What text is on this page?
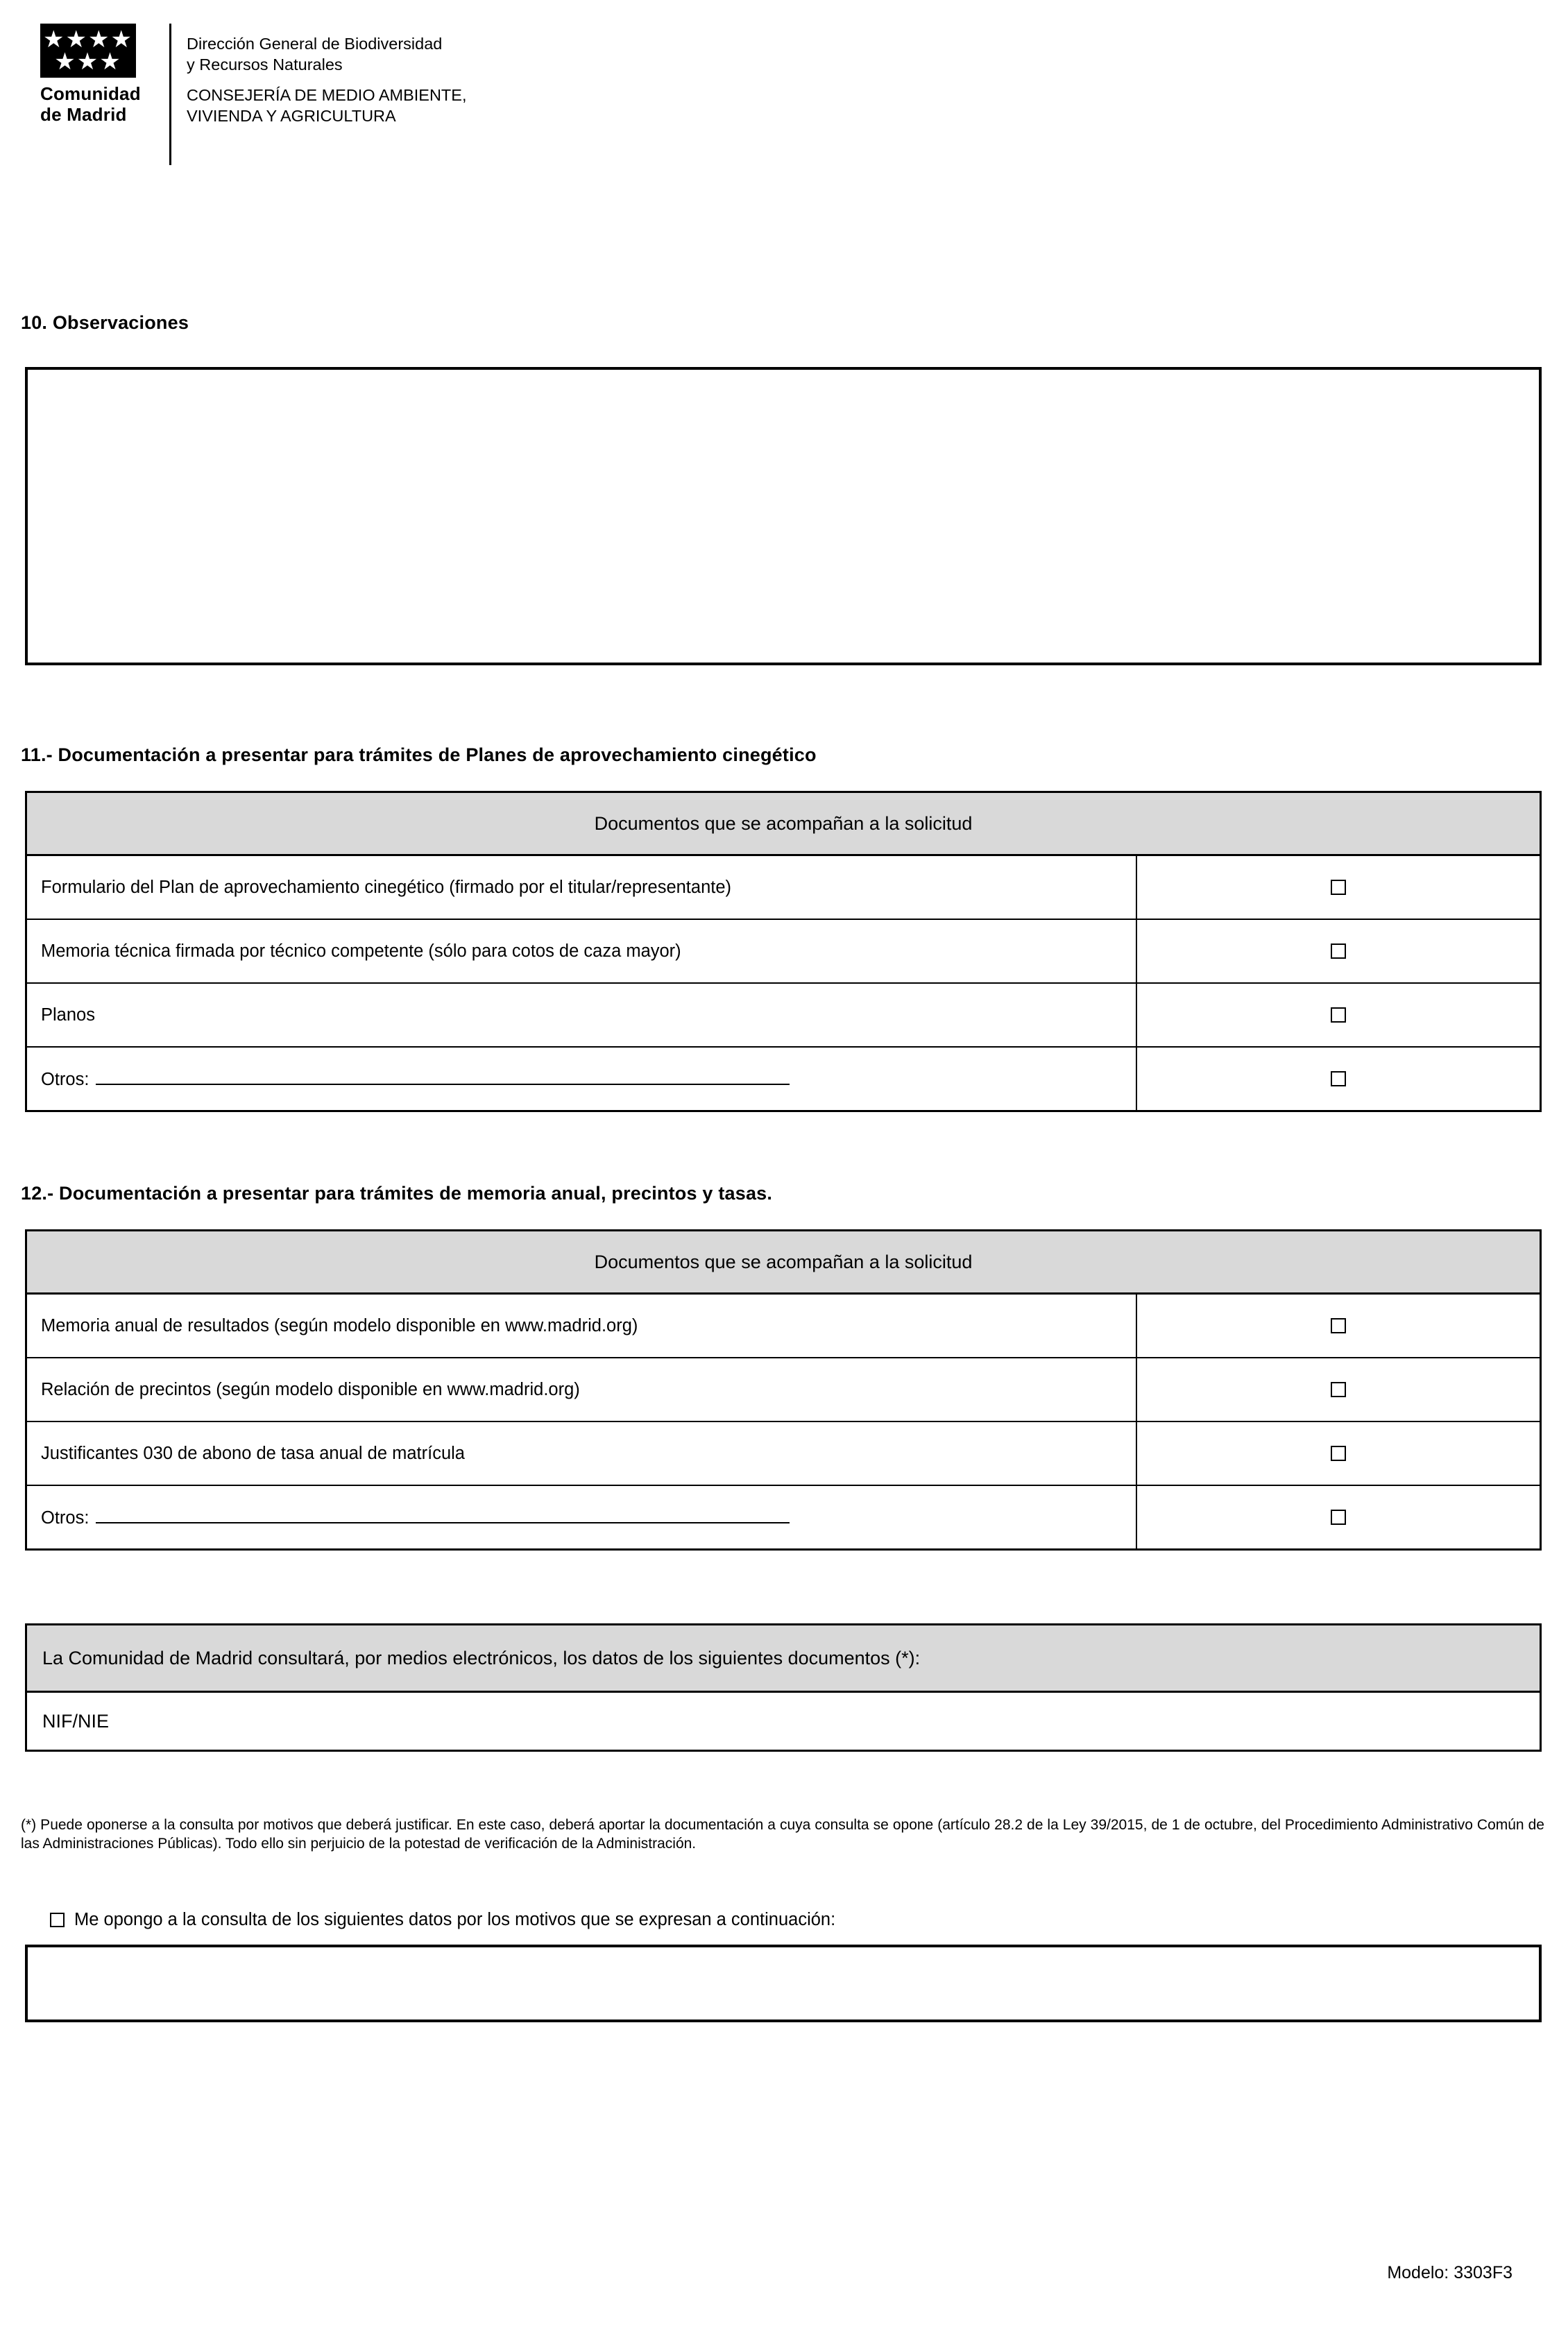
★★★★
★★★
Comunidad
de Madrid
Dirección General de Biodiversidad
y Recursos Naturales
CONSEJERÍA DE MEDIO AMBIENTE,
VIVIENDA Y AGRICULTURA
10. Observaciones
11.- Documentación a presentar para trámites de Planes de aprovechamiento cinegético
Documentos que se acompañan a la solicitud
Formulario del Plan de aprovechamiento cinegético (firmado por el titular/representante)
Memoria técnica firmada por técnico competente (sólo para cotos de caza mayor)
Planos
Otros:
12.- Documentación a presentar para trámites de memoria anual, precintos y tasas.
Documentos que se acompañan a la solicitud
Memoria anual de resultados (según modelo disponible en www.madrid.org)
Relación de precintos (según modelo disponible en www.madrid.org)
Justificantes 030 de abono de tasa anual de matrícula
Otros:
La Comunidad de Madrid consultará, por medios electrónicos, los datos de los siguientes documentos (*):
NIF/NIE
(*) Puede oponerse a la consulta por motivos que deberá justificar. En este caso, deberá aportar la documentación a cuya consulta se opone (artículo 28.2 de la Ley 39/2015, de 1 de octubre, del Procedimiento Administrativo Común de las Administraciones Públicas). Todo ello sin perjuicio de la potestad de verificación de la Administración.
Me opongo a la consulta de los siguientes datos por los motivos que se expresan a continuación:
Modelo: 3303F3
